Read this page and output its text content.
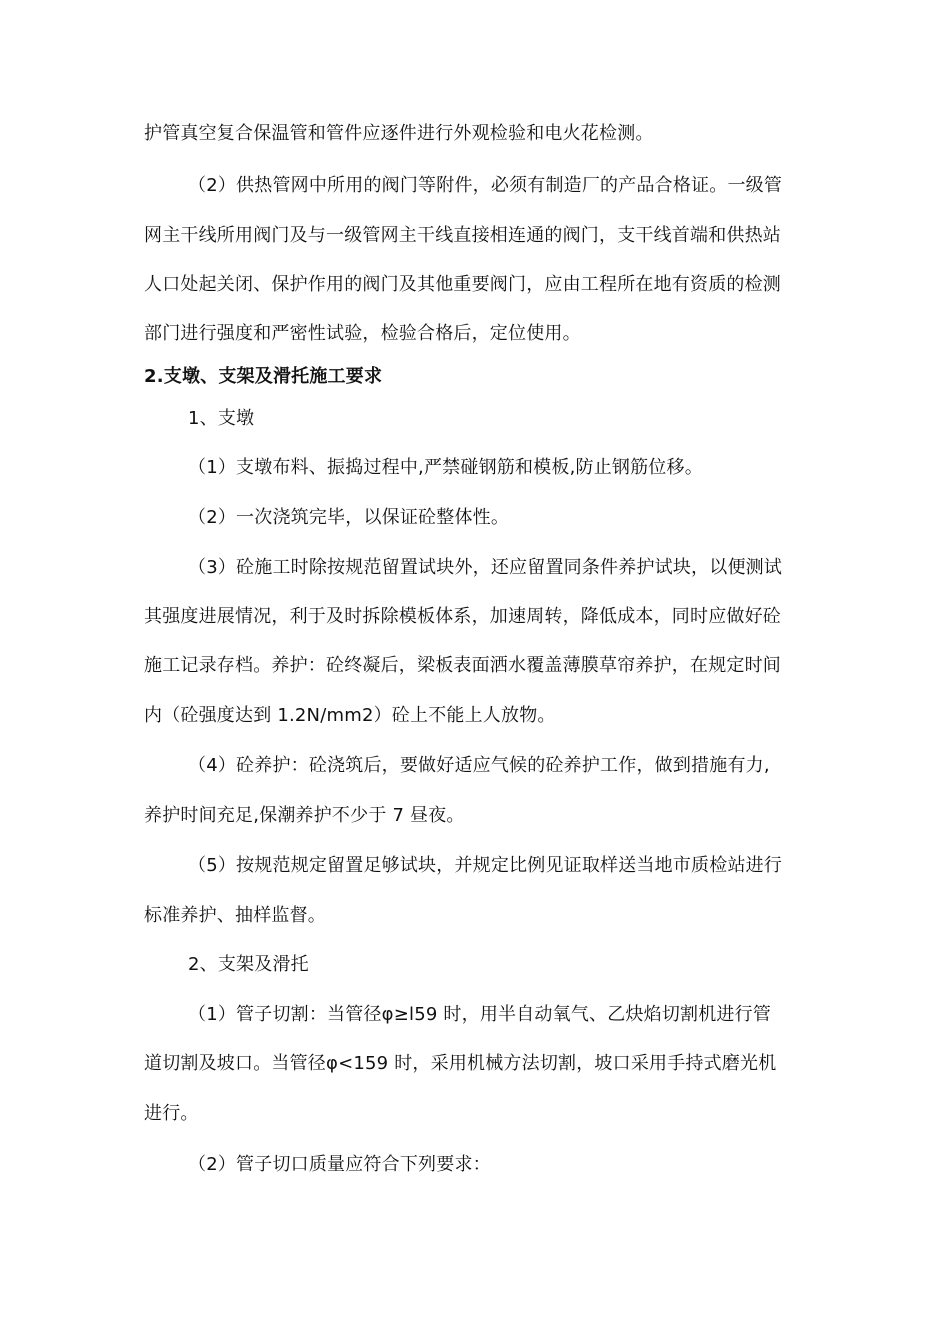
护管真空复合保温管和管件应逐件进行外观检验和电火花检测。
（2）供热管网中所用的阀门等附件，必须有制造厂的产品合格证。一级管
网主干线所用阀门及与一级管网主干线直接相连通的阀门，支干线首端和供热站
人口处起关闭、保护作用的阀门及其他重要阀门，应由工程所在地有资质的检测
部门进行强度和严密性试验，检验合格后，定位使用。
2.支墩、支架及滑托施工要求
1、支墩
（1）支墩布料、振捣过程中,严禁碰钢筋和模板,防止钢筋位移。
（2）一次浇筑完毕，以保证砼整体性。
（3）砼施工时除按规范留置试块外，还应留置同条件养护试块，以便测试
其强度进展情况，利于及时拆除模板体系，加速周转，降低成本，同时应做好砼
施工记录存档。养护：砼终凝后，梁板表面洒水覆盖薄膜草帘养护，在规定时间
内（砼强度达到 1.2N/mm2）砼上不能上人放物。
（4）砼养护：砼浇筑后，要做好适应气候的砼养护工作，做到措施有力,
养护时间充足,保潮养护不少于 7 昼夜。
（5）按规范规定留置足够试块，并规定比例见证取样送当地市质检站进行
标准养护、抽样监督。
2、支架及滑托
（1）管子切割：当管径φ≥l59 时，用半自动氧气、乙炔焰切割机进行管
道切割及坡口。当管径φ<159 时，采用机械方法切割，坡口采用手持式磨光机
进行。
（2）管子切口质量应符合下列要求：
